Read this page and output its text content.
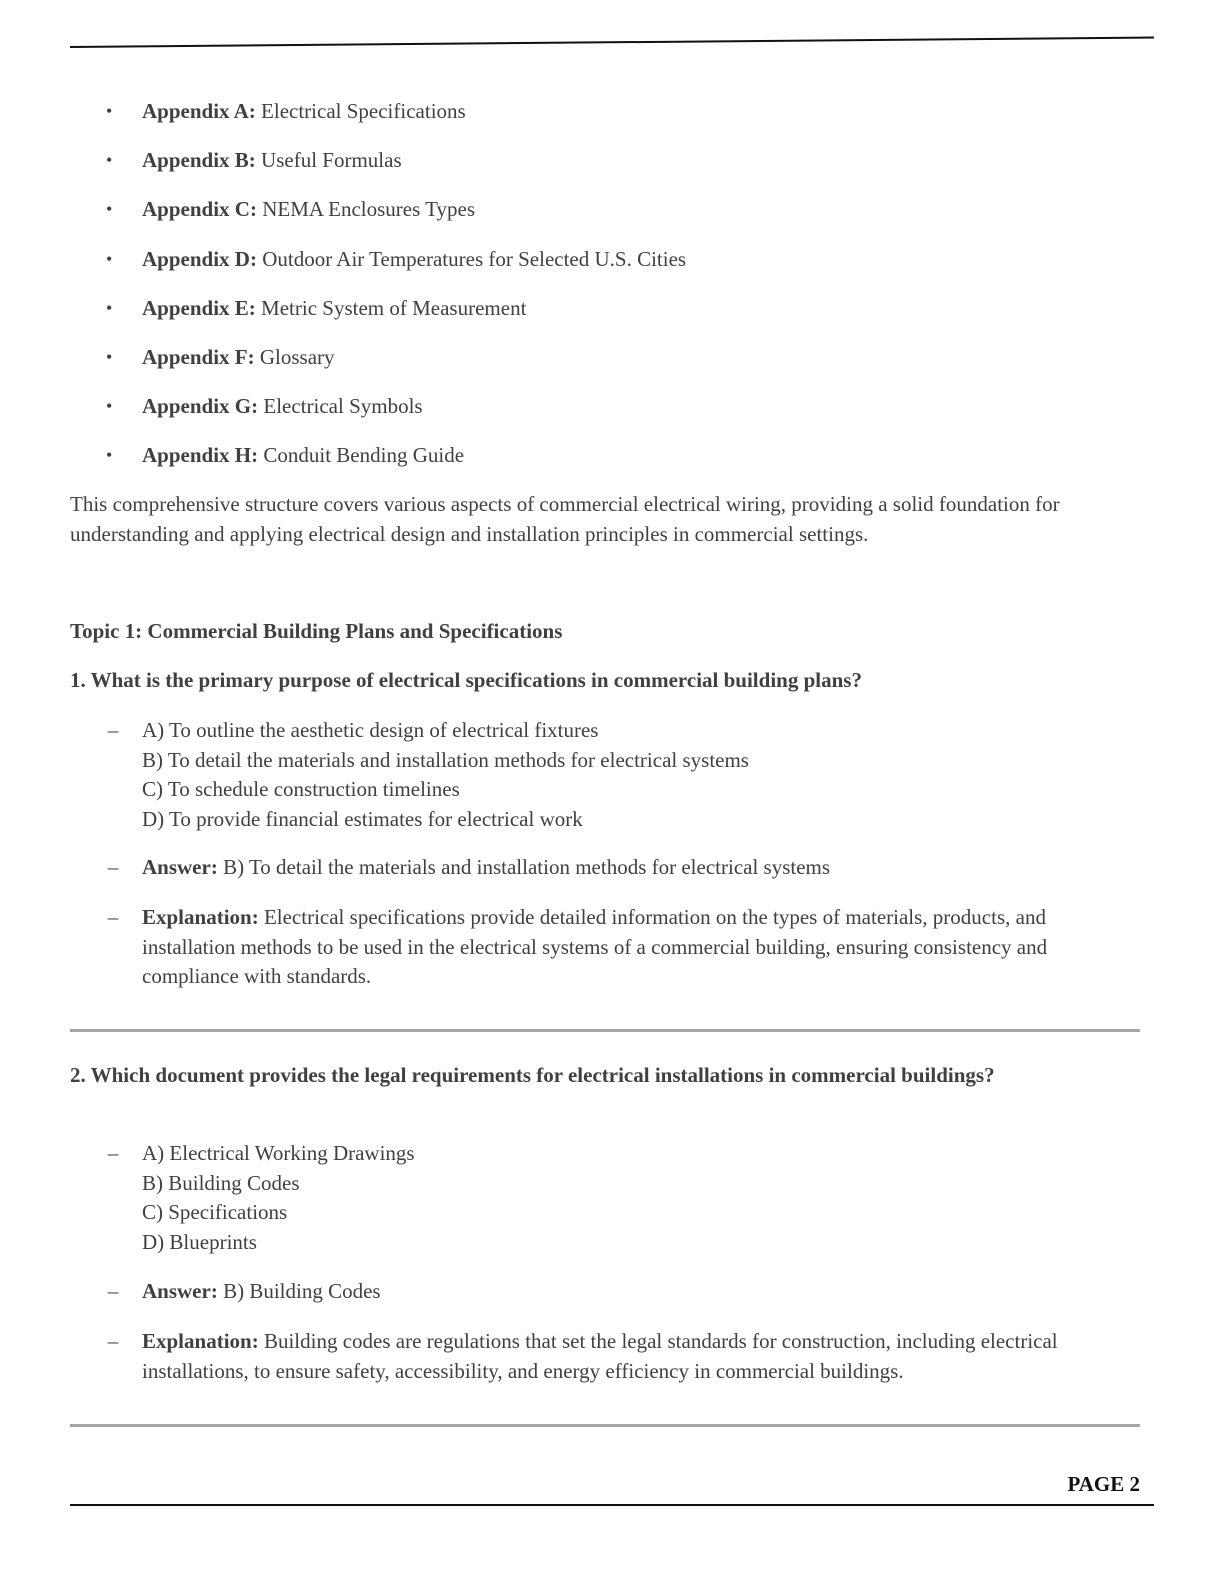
• Appendix A: Electrical Specifications
• Appendix B: Useful Formulas
• Appendix C: NEMA Enclosures Types
• Appendix D: Outdoor Air Temperatures for Selected U.S. Cities
• Appendix E: Metric System of Measurement
• Appendix F: Glossary
• Appendix G: Electrical Symbols
• Appendix H: Conduit Bending Guide

This comprehensive structure covers various aspects of commercial electrical wiring, providing a solid foundation for understanding and applying electrical design and installation principles in commercial settings.

Topic 1: Commercial Building Plans and Specifications

1. What is the primary purpose of electrical specifications in commercial building plans?

– A) To outline the aesthetic design of electrical fixtures
B) To detail the materials and installation methods for electrical systems
C) To schedule construction timelines
D) To provide financial estimates for electrical work
– Answer: B) To detail the materials and installation methods for electrical systems
– Explanation: Electrical specifications provide detailed information on the types of materials, products, and installation methods to be used in the electrical systems of a commercial building, ensuring consistency and compliance with standards.

2. Which document provides the legal requirements for electrical installations in commercial buildings?

– A) Electrical Working Drawings
B) Building Codes
C) Specifications
D) Blueprints
– Answer: B) Building Codes
– Explanation: Building codes are regulations that set the legal standards for construction, including electrical installations, to ensure safety, accessibility, and energy efficiency in commercial buildings.
PAGE 2
